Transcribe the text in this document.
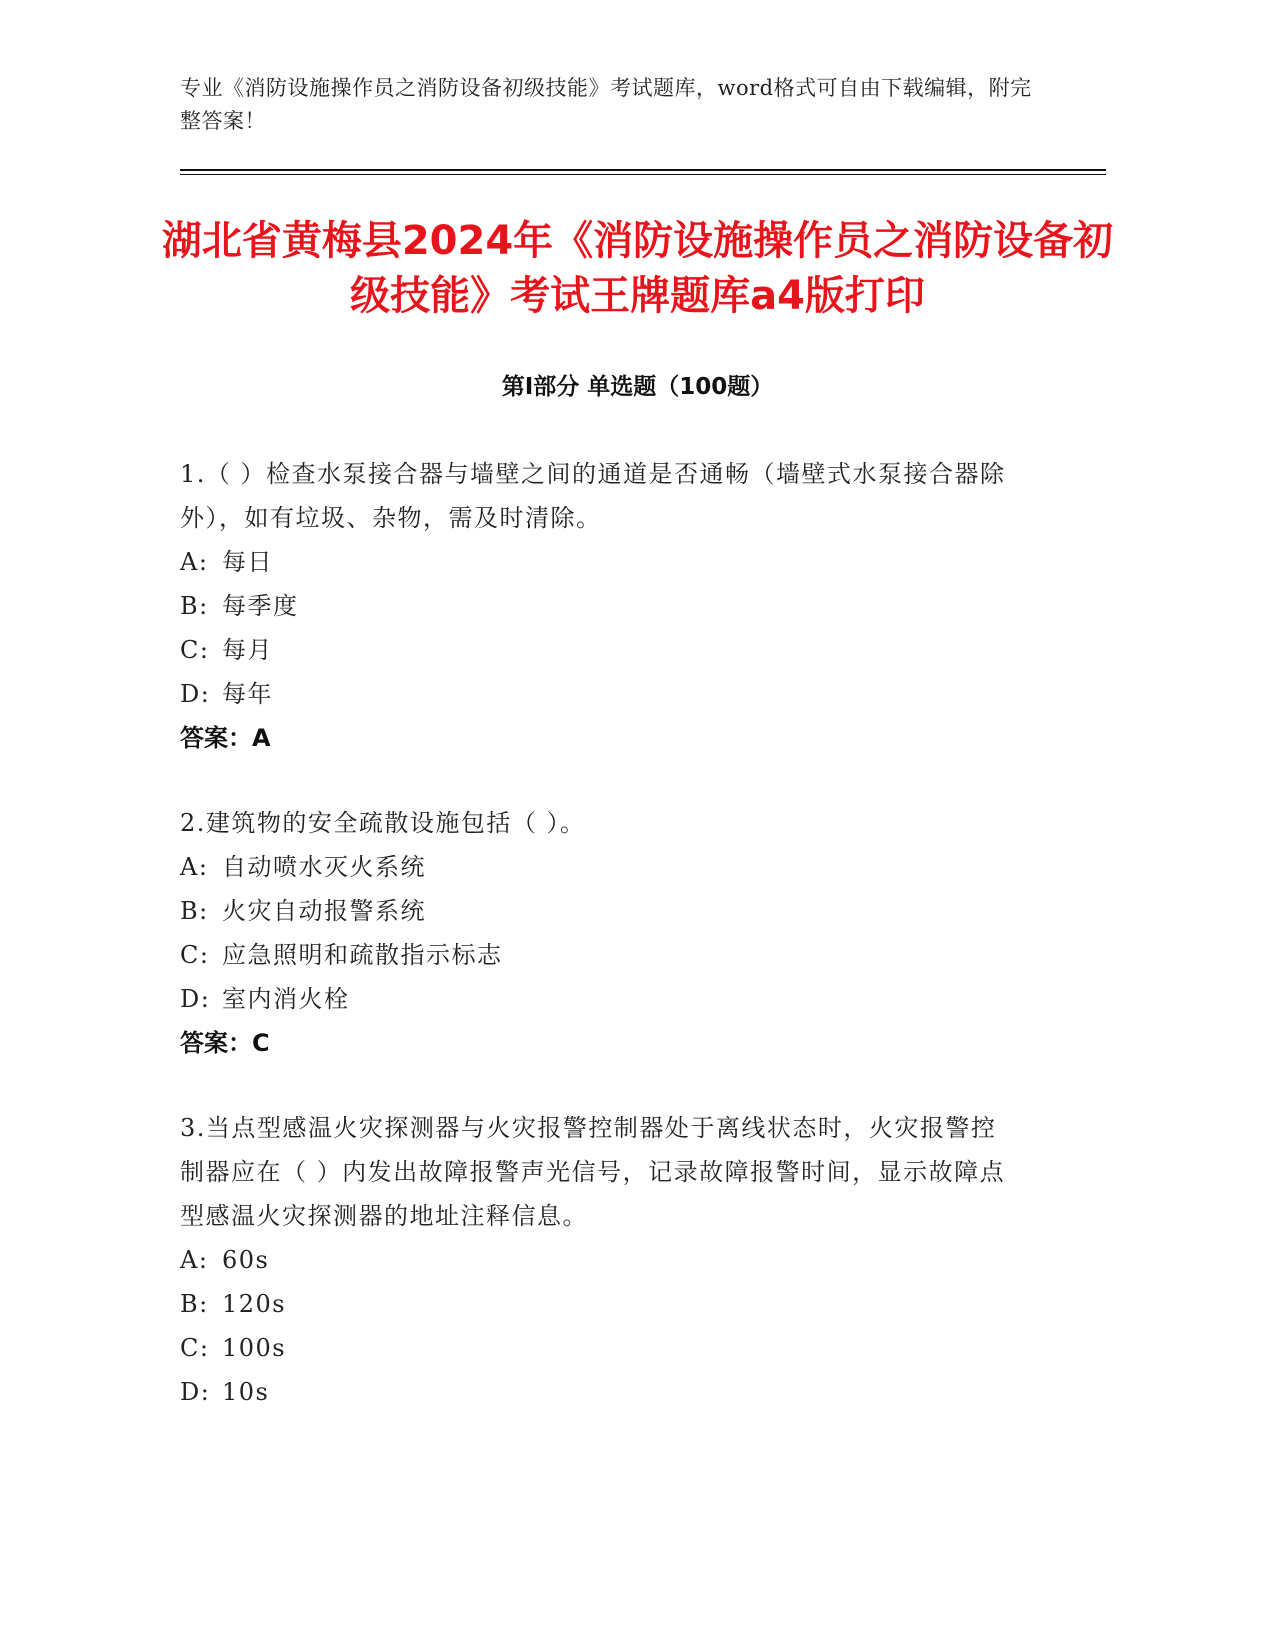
专业《消防设施操作员之消防设备初级技能》考试题库，word格式可自由下载编辑，附完整答案！
湖北省黄梅县2024年《消防设施操作员之消防设备初级技能》考试王牌题库a4版打印
第Ⅰ部分 单选题（100题）
1.（ ）检查水泵接合器与墙壁之间的通道是否通畅（墙壁式水泵接合器除外），如有垃圾、杂物，需及时清除。
A: 每日
B: 每季度
C: 每月
D: 每年
答案：A
2.建筑物的安全疏散设施包括（ ）。
A: 自动喷水灭火系统
B: 火灾自动报警系统
C: 应急照明和疏散指示标志
D: 室内消火栓
答案：C
3.当点型感温火灾探测器与火灾报警控制器处于离线状态时，火灾报警控制器应在（ ）内发出故障报警声光信号，记录故障报警时间，显示故障点型感温火灾探测器的地址注释信息。
A: 60s
B: 120s
C: 100s
D: 10s
